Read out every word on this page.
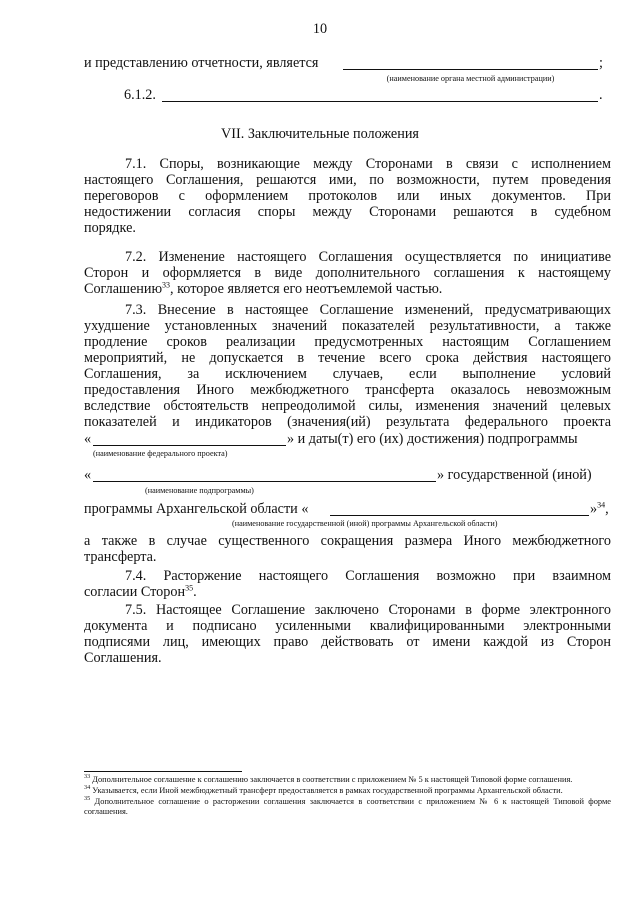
10
и представлению отчетности, является	;
(наименование органа местной администрации)
6.1.2.	.
VII. Заключительные положения
7.1. Споры, возникающие между Сторонами в связи с исполнением
настоящего Соглашения, решаются ими, по возможности, путем проведения
переговоров с оформлением протоколов или иных документов. При
недостижении согласия споры между Сторонами решаются в судебном
порядке.
7.2. Изменение настоящего Соглашения осуществляется по инициативе
Сторон и оформляется в виде дополнительного соглашения к настоящему
Соглашению$^{33}$, которое является его неотъемлемой частью.
7.3. Внесение в настоящее Соглашение изменений, предусматривающих
ухудшение установленных значений показателей результативности, а также
продление сроков реализации предусмотренных настоящим Соглашением
мероприятий, не допускается в течение всего срока действия настоящего
Соглашения, за исключением случаев, если выполнение условий
предоставления Иного межбюджетного трансферта оказалось невозможным
вследствие обстоятельств непреодолимой силы, изменения значений целевых
показателей и индикаторов (значения(ий) результата федерального проекта
«	» и даты(т) его (их) достижения) подпрограммы
(наименование федерального проекта)
«	» государственной (иной)
(наименование подпрограммы)
программы Архангельской области «	»$^{34}$,
(наименование государственной (иной) программы Архангельской области)
а также в случае существенного сокращения размера Иного межбюджетного
трансферта.
7.4. Расторжение настоящего Соглашения возможно при взаимном
согласии Сторон$^{35}$.
7.5. Настоящее Соглашение заключено Сторонами в форме электронного
документа и подписано усиленными квалифицированными электронными
подписями лиц, имеющих право действовать от имени каждой из Сторон
Соглашения.
$^{33}$ Дополнительное соглашение к соглашению заключается в соответствии с приложением № 5 к настоящей Типовой форме соглашения.
$^{34}$ Указывается, если Иной межбюджетный трансферт предоставляется в рамках государственной программы Архангельской области.
$^{35}$ Дополнительное соглашение о расторжении соглашения заключается в соответствии с приложением № 6 к настоящей Типовой форме соглашения.
